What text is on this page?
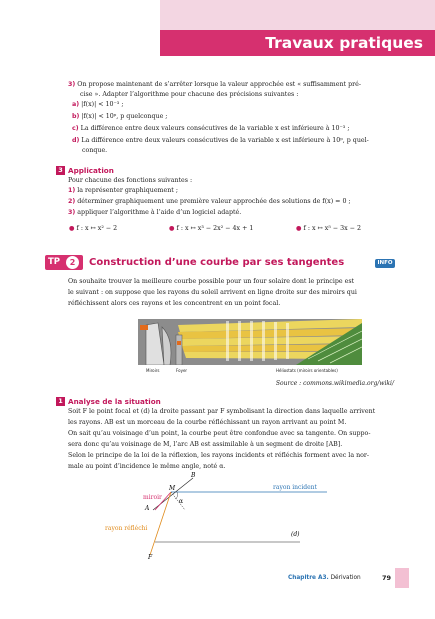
Travaux pratiques
3) On propose maintenant de s’arrêter lorsque la valeur approchée est « suffisamment pré-
cise ». Adapter l’algorithme pour chacune des précisions suivantes :
a) |f(x)| < 10⁻³ ;
b) |f(x)| < 10ᵖ, p quelconque ;
c) La différence entre deux valeurs consécutives de la variable x est inférieure à 10⁻³ ;
d) La différence entre deux valeurs consécutives de la variable x est inférieure à 10ᵖ, p quel-
conque.
3 Application
Pour chacune des fonctions suivantes :
1) la représenter graphiquement ;
2) déterminer graphiquement une première valeur approchée des solutions de f(x) = 0 ;
3) appliquer l’algorithme à l’aide d’un logiciel adapté.
● f : x ↦ x² − 2	● f : x ↦ x³ − 2x² − 4x + 1	● f : x ↦ x⁵ − 3x − 2
TP	2	Construction d’une courbe par ses tangentes	INFO
On souhaite trouver la meilleure courbe possible pour un four solaire dont le principe est
le suivant : on suppose que les rayons du soleil arrivent en ligne droite sur des miroirs qui
réfléchissent alors ces rayons et les concentrent en un point focal.
Miroirs	Foyer	Héliostats (miroirs orientables)
Source : commons.wikimedia.org/wiki/
1 Analyse de la situation
Soit F le point focal et (d) la droite passant par F symbolisant la direction dans laquelle arrivent
les rayons. AB est un morceau de la courbe réfléchissant un rayon arrivant au point M.
On sait qu’au voisinage d’un point, la courbe peut être confondue avec sa tangente. On suppo-
sera donc qu’au voisinage de M, l’arc AB est assimilable à un segment de droite [AB].
Selon le principe de la loi de la réflexion, les rayons incidents et réfléchis forment avec la nor-
male au point d’incidence le même angle, noté α.
B
M
A
F
(d)
miroir
rayon incident
rayon réfléchi
α
Chapitre A3. Dérivation	79
